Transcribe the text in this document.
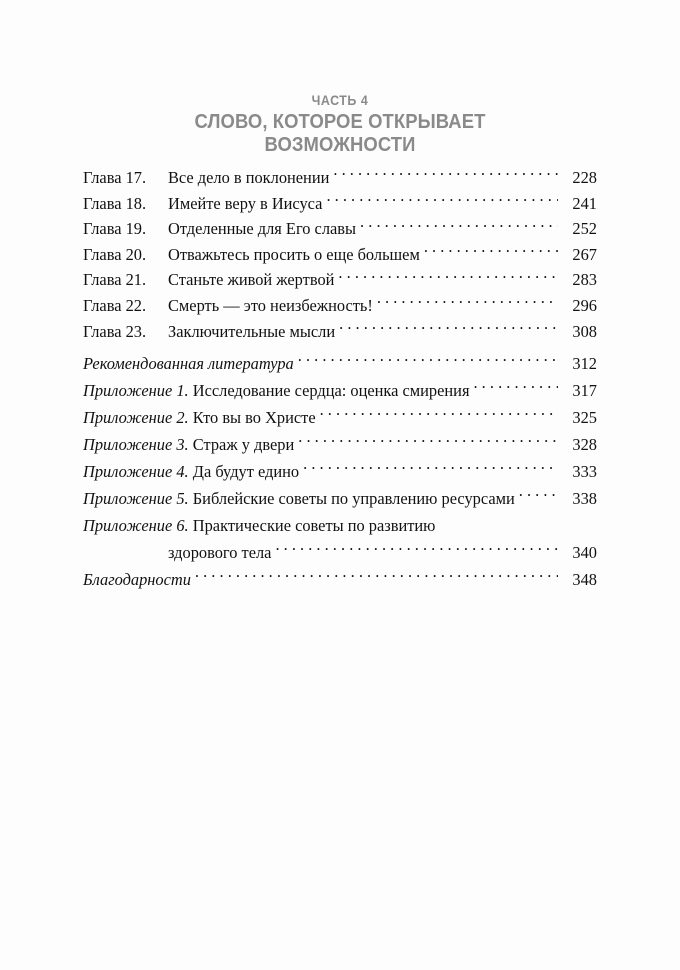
ЧАСТЬ 4
СЛОВО, КОТОРОЕ ОТКРЫВАЕТ
ВОЗМОЖНОСТИ
Глава 17.	Все дело в поклонении . . .	228
Глава 18.	Имейте веру в Иисуса . . .	241
Глава 19.	Отделенные для Его славы . . .	252
Глава 20.	Отважьтесь просить о еще большем . . .	267
Глава 21.	Станьте живой жертвой . . .	283
Глава 22.	Смерть — это неизбежность! . . .	296
Глава 23.	Заключительные мысли . . .	308
Рекомендованная литература . . .	312
Приложение 1. Исследование сердца: оценка смирения . . .	317
Приложение 2. Кто вы во Христе . . .	325
Приложение 3. Страж у двери . . .	328
Приложение 4. Да будут едино . . .	333
Приложение 5. Библейские советы по управлению ресурсами . . .	338
Приложение 6. Практические советы по развитию
здорового тела . . .	340
Благодарности . . .	348
